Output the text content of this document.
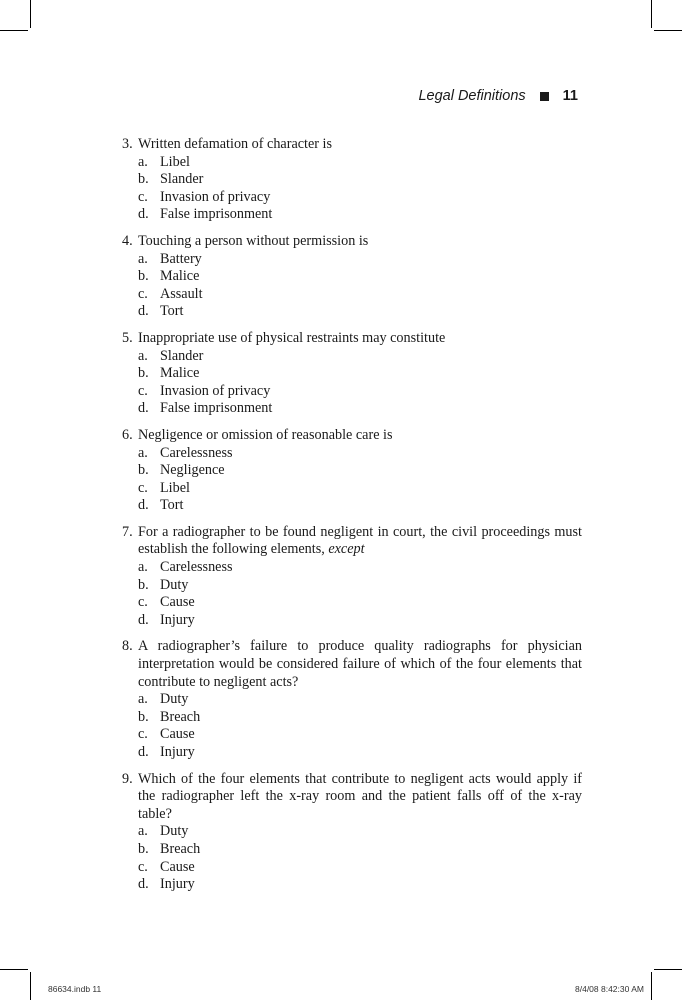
Legal Definitions	11
3. Written defamation of character is
a. Libel
b. Slander
c. Invasion of privacy
d. False imprisonment
4. Touching a person without permission is
a. Battery
b. Malice
c. Assault
d. Tort
5. Inappropriate use of physical restraints may constitute
a. Slander
b. Malice
c. Invasion of privacy
d. False imprisonment
6. Negligence or omission of reasonable care is
a. Carelessness
b. Negligence
c. Libel
d. Tort
7. For a radiographer to be found negligent in court, the civil proceedings must establish the following elements, except
a. Carelessness
b. Duty
c. Cause
d. Injury
8. A radiographer’s failure to produce quality radiographs for physician interpretation would be considered failure of which of the four elements that contribute to negligent acts?
a. Duty
b. Breach
c. Cause
d. Injury
9. Which of the four elements that contribute to negligent acts would apply if the radiographer left the x-ray room and the patient falls off of the x-ray table?
a. Duty
b. Breach
c. Cause
d. Injury
86634.indb 11	8/4/08 8:42:30 AM
